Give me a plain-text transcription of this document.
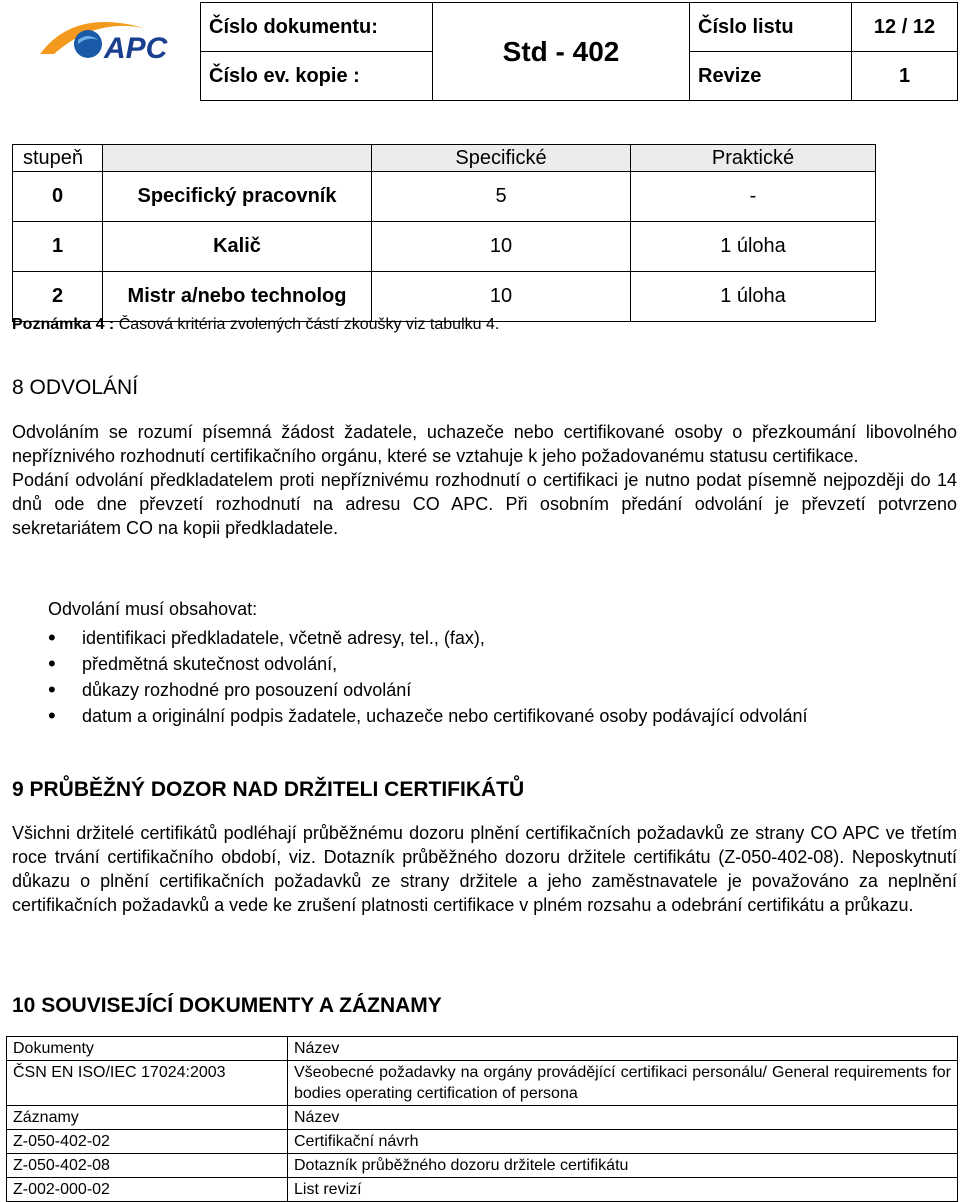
APC
Číslo dokumentu:	Std - 402	Číslo listu	12 / 12
Číslo ev. kopie :		Revize	1
stupeň		Specifické	Praktické
0	Specifický pracovník	5	-
1	Kalič	10	1 úloha
2	Mistr a/nebo technolog	10	1 úloha
Poznámka 4 : Časová kritéria zvolených částí zkoušky viz tabulku 4.
8 ODVOLÁNÍ

Odvoláním se rozumí písemná žádost žadatele, uchazeče nebo certifikované osoby o přezkoumání libovolného nepříznivého rozhodnutí certifikačního orgánu, které se vztahuje k jeho požadovanému statusu certifikace.

Podání odvolání předkladatelem proti nepříznivému rozhodnutí o certifikaci je nutno podat písemně nejpozději do 14 dnů ode dne převzetí rozhodnutí na adresu CO APC. Při osobním předání odvolání je převzetí potvrzeno sekretariátem CO na kopii předkladatele.

Odvolání musí obsahovat:
• identifikaci předkladatele, včetně adresy, tel., (fax),
• předmětná skutečnost odvolání,
• důkazy rozhodné pro posouzení odvolání
• datum a originální podpis žadatele, uchazeče nebo certifikované osoby podávající odvolání
9 PRŮBĚŽNÝ DOZOR NAD DRŽITELI CERTIFIKÁTŮ
Všichni držitelé certifikátů podléhají průběžnému dozoru plnění certifikačních požadavků ze strany CO APC ve třetím roce trvání certifikačního období, viz. Dotazník průběžného dozoru držitele certifikátu (Z-050-402-08). Neposkytnutí důkazu o plnění certifikačních požadavků ze strany držitele a jeho zaměstnavatele je považováno za neplnění certifikačních požadavků a vede ke zrušení platnosti certifikace v plném rozsahu a odebrání certifikátu a průkazu.
10 SOUVISEJÍCÍ DOKUMENTY A ZÁZNAMY
Dokumenty	Název
ČSN EN ISO/IEC 17024:2003	Všeobecné požadavky na orgány provádějící certifikaci personálu/ General requirements for bodies operating certification of persona
Záznamy	Název
Z-050-402-02	Certifikační návrh
Z-050-402-08	Dotazník průběžného dozoru držitele certifikátu
Z-002-000-02	List revizí
